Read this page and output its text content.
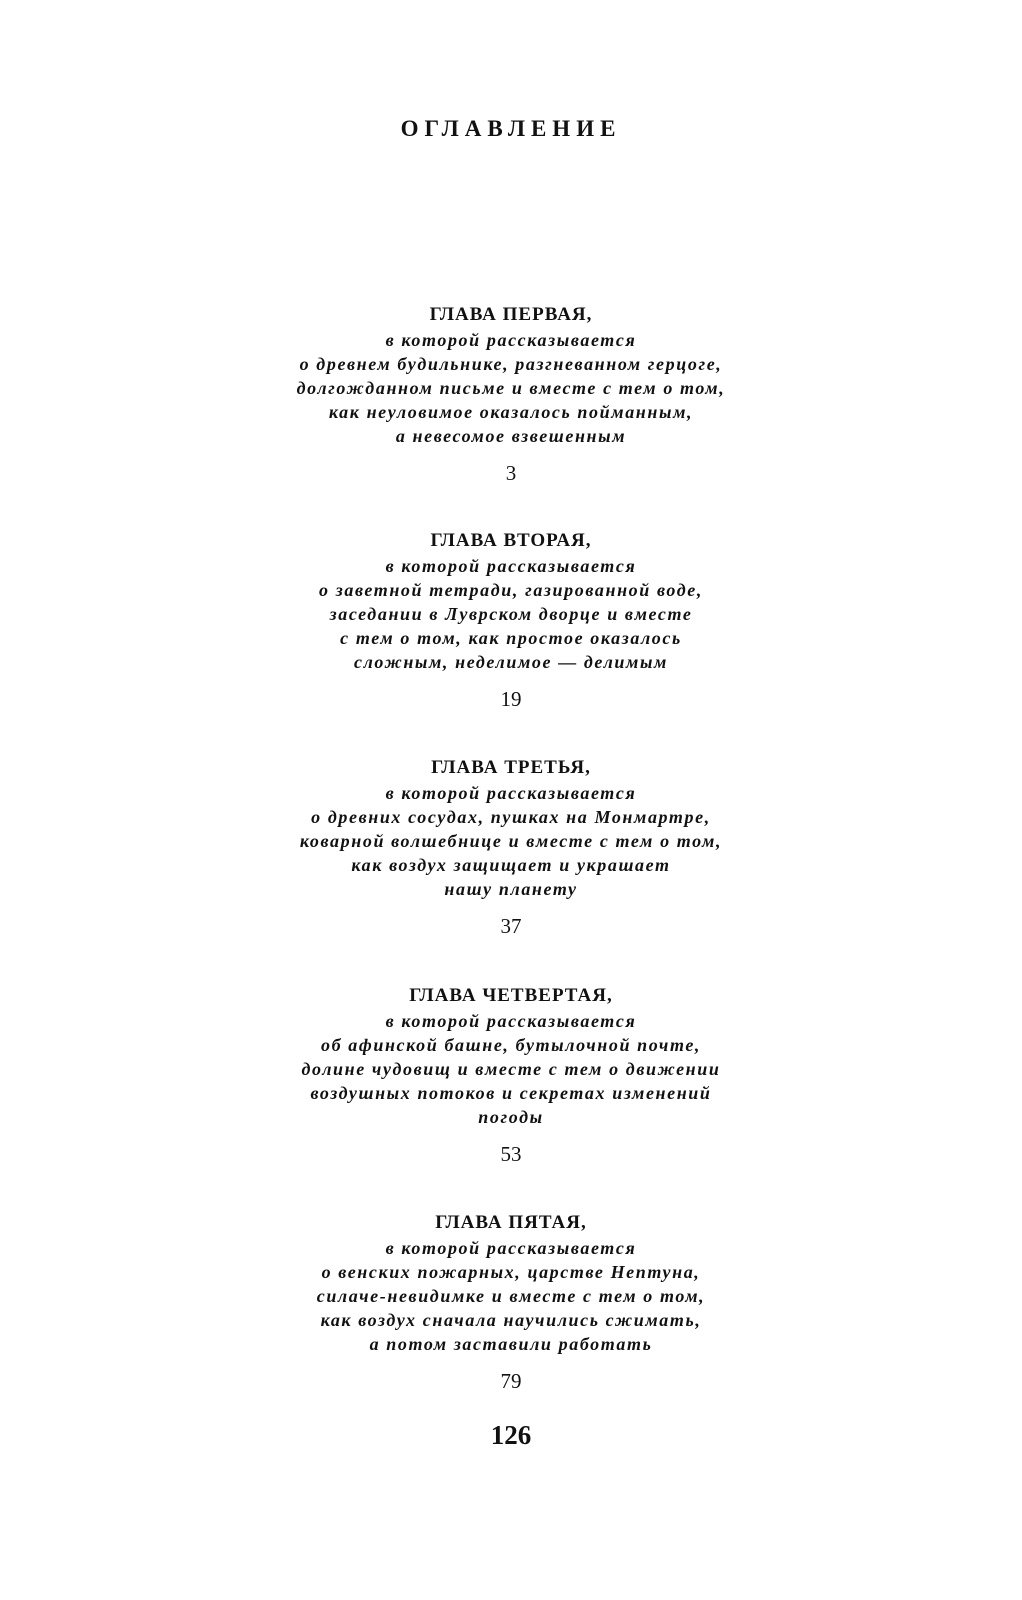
ОГЛАВЛЕНИЕ
ГЛАВА ПЕРВАЯ,
в которой рассказывается
о древнем будильнике, разгневанном герцоге,
долгожданном письме и вместе с тем о том,
как неуловимое оказалось пойманным,
а невесомое взвешенным
3
ГЛАВА ВТОРАЯ,
в которой рассказывается
о заветной тетради, газированной воде,
заседании в Луврском дворце и вместе
с тем о том, как простое оказалось
сложным, неделимое — делимым
19
ГЛАВА ТРЕТЬЯ,
в которой рассказывается
о древних сосудах, пушках на Монмартре,
коварной волшебнице и вместе с тем о том,
как воздух защищает и украшает
нашу планету
37
ГЛАВА ЧЕТВЕРТАЯ,
в которой рассказывается
об афинской башне, бутылочной почте,
долине чудовищ и вместе с тем о движении
воздушных потоков и секретах изменений
погоды
53
ГЛАВА ПЯТАЯ,
в которой рассказывается
о венских пожарных, царстве Нептуна,
силаче-невидимке и вместе с тем о том,
как воздух сначала научились сжимать,
а потом заставили работать
79
126
